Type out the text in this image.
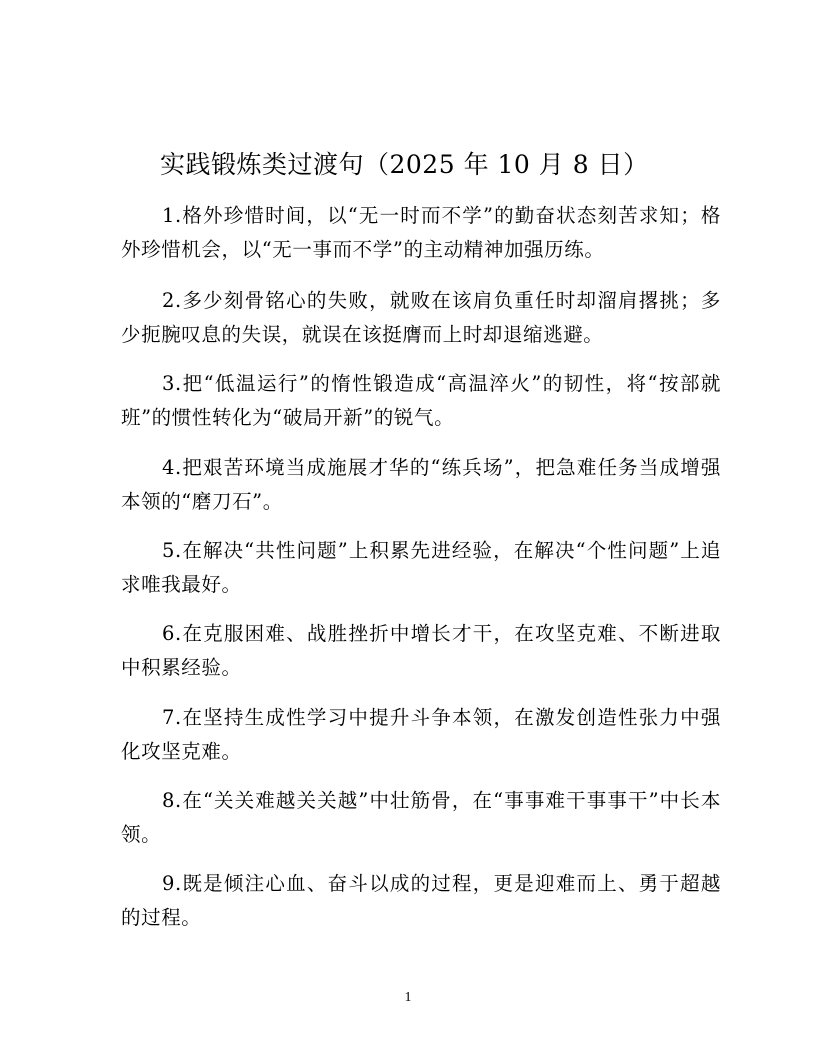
实践锻炼类过渡句（2025 年 10 月 8 日）

1.格外珍惜时间，以“无一时而不学”的勤奋状态刻苦求知；格外珍惜机会，以“无一事而不学”的主动精神加强历练。

2.多少刻骨铭心的失败，就败在该肩负重任时却溜肩撂挑；多少扼腕叹息的失误，就误在该挺膺而上时却退缩逃避。

3.把“低温运行”的惰性锻造成“高温淬火”的韧性，将“按部就班”的惯性转化为“破局开新”的锐气。

4.把艰苦环境当成施展才华的“练兵场”，把急难任务当成增强本领的“磨刀石”。

5.在解决“共性问题”上积累先进经验，在解决“个性问题”上追求唯我最好。

6.在克服困难、战胜挫折中增长才干，在攻坚克难、不断进取中积累经验。

7.在坚持生成性学习中提升斗争本领，在激发创造性张力中强化攻坚克难。

8.在“关关难越关关越”中壮筋骨，在“事事难干事事干”中长本领。

9.既是倾注心血、奋斗以成的过程，更是迎难而上、勇于超越的过程。

1
